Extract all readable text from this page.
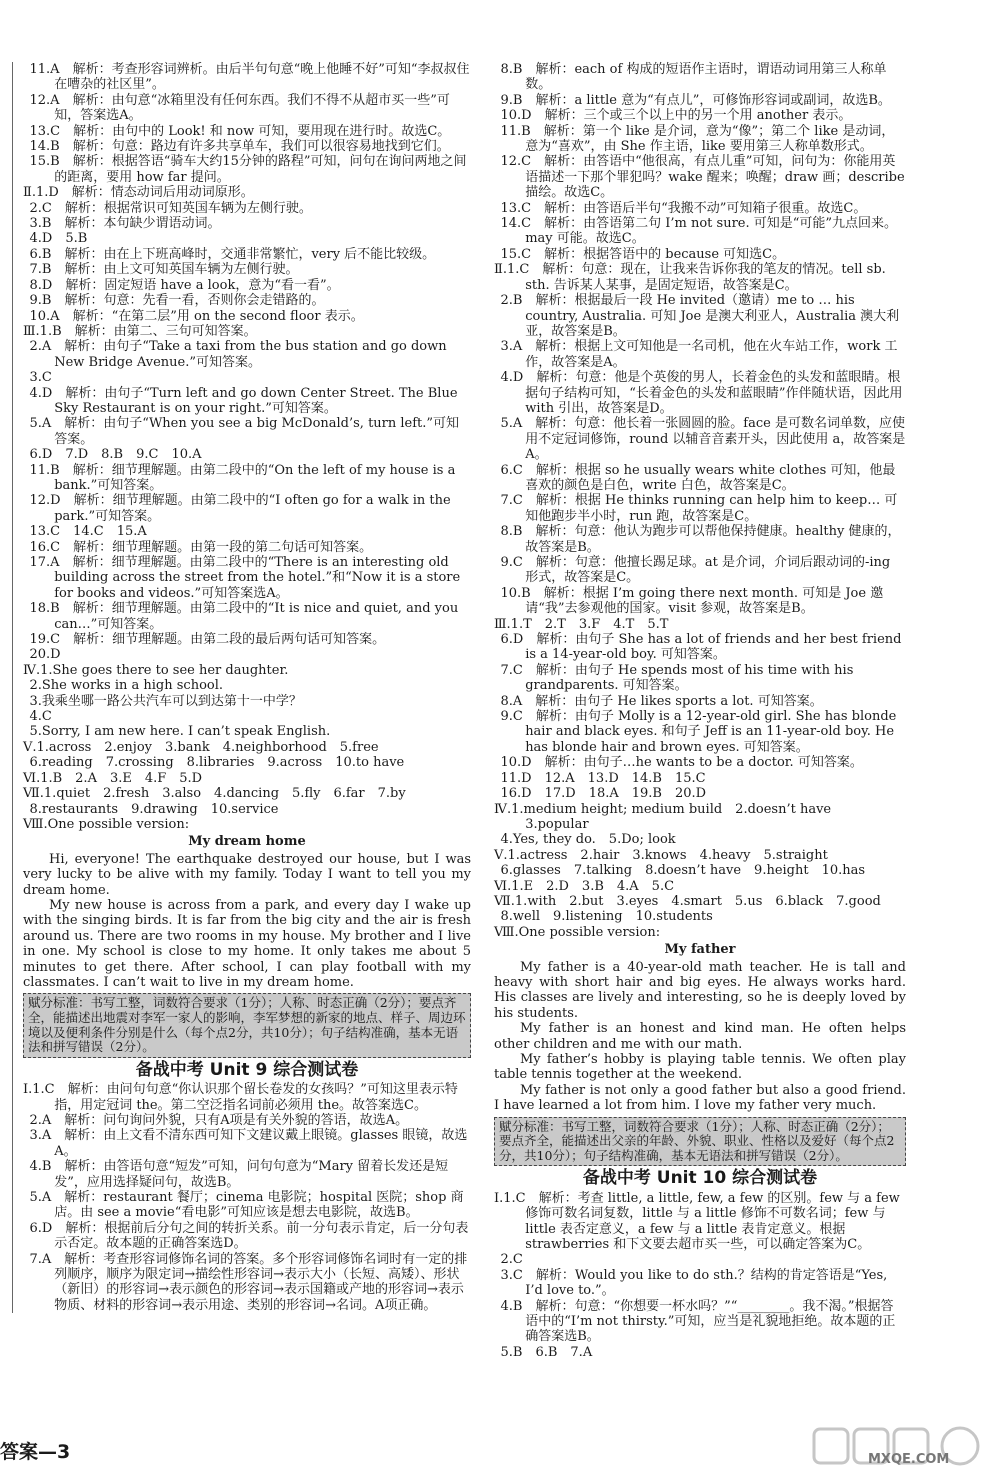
11.A　解析：考查形容词辨析。由后半句句意“晚上他睡不好”可知“李叔叔住在嘈杂的社区里”。
12.A　解析：由句意“冰箱里没有任何东西。我们不得不从超市买一些”可知，答案选A。
13.C　解析：由句中的 Look! 和 now 可知，要用现在进行时。故选C。
14.B　解析：句意：路边有许多共享单车，我们可以很容易地找到它们。
15.B　解析：根据答语“骑车大约15分钟的路程”可知，问句在询问两地之间的距离，要用 how far 提问。
Ⅱ.1.D　解析：情态动词后用动词原形。
2.C　解析：根据常识可知英国车辆为左侧行驶。
3.B　解析：本句缺少谓语动词。
4.D　5.B
6.B　解析：由在上下班高峰时，交通非常繁忙，very 后不能比较级。
7.B　解析：由上文可知英国车辆为左侧行驶。
8.D　解析：固定短语 have a look，意为“看一看”。
9.B　解析：句意：先看一看，否则你会走错路的。
10.A　解析：“在第二层”用 on the second floor 表示。
Ⅲ.1.B　解析：由第二、三句可知答案。
2.A　解析：由句子“Take a taxi from the bus station and go down New Bridge Avenue.”可知答案。
3.C
4.D　解析：由句子“Turn left and go down Center Street. The Blue Sky Restaurant is on your right.”可知答案。
5.A　解析：由句子“When you see a big McDonald’s, turn left.”可知答案。
6.D　7.D　8.B　9.C　10.A
11.B　解析：细节理解题。由第二段中的“On the left of my house is a bank.”可知答案。
12.D　解析：细节理解题。由第二段中的“I often go for a walk in the park.”可知答案。
13.C　14.C　15.A
16.C　解析：细节理解题。由第一段的第二句话可知答案。
17.A　解析：细节理解题。由第二段中的“There is an interesting old building across the street from the hotel.”和“Now it is a store for books and videos.”可知答案选A。
18.B　解析：细节理解题。由第二段中的“It is nice and quiet, and you can…”可知答案。
19.C　解析：细节理解题。由第二段的最后两句话可知答案。
20.D
Ⅳ.1.She goes there to see her daughter.
2.She works in a high school.
3.我乘坐哪一路公共汽车可以到达第十一中学？
4.C
5.Sorry, I am new here. I can’t speak English.
Ⅴ.1.across　2.enjoy　3.bank　4.neighborhood　5.free
6.reading　7.crossing　8.libraries　9.across　10.to have
Ⅵ.1.B　2.A　3.E　4.F　5.D
Ⅶ.1.quiet　2.fresh　3.also　4.dancing　5.fly　6.far　7.by
8.restaurants　9.drawing　10.service
Ⅷ.One possible version:
My dream home
Hi, everyone! The earthquake destroyed our house, but I was very lucky to be alive with my family. Today I want to tell you my dream home.
My new house is across from a park, and every day I wake up with the singing birds. It is far from the big city and the air is fresh around us. There are two rooms in my house. My brother and I live in one. My school is close to my home. It only takes me about 5 minutes to get there. After school, I can play football with my classmates. I can’t wait to live in my dream home.
赋分标准：书写工整，词数符合要求（1分）；人称、时态正确（2分）；要点齐全，能描述出地震对李军一家人的影响，李军梦想的新家的地点、样子、周边环境以及便利条件分别是什么（每个点2分，共10分）；句子结构准确，基本无语法和拼写错误（2分）。
备战中考 Unit 9 综合测试卷
Ⅰ.1.C　解析：由问句句意“你认识那个留长卷发的女孩吗？”可知这里表示特指，用定冠词 the。第二空泛指名词前必须用 the。故答案选C。
2.A　解析：问句询问外貌，只有A项是有关外貌的答语，故选A。
3.A　解析：由上文看不清东西可知下文建议戴上眼镜。glasses 眼镜，故选A。
4.B　解析：由答语句意“短发”可知，问句句意为“Mary 留着长发还是短发”，应用选择疑问句，故选B。
5.A　解析：restaurant 餐厅；cinema 电影院；hospital 医院；shop 商店。由 see a movie“看电影”可知应该是想去电影院，故选B。
6.D　解析：根据前后分句之间的转折关系。前一分句表示肯定，后一分句表示否定。故本题的正确答案选D。
7.A　解析：考查形容词修饰名词的答案。多个形容词修饰名词时有一定的排列顺序，顺序为限定词→描绘性形容词→表示大小（长短、高矮）、形状（新旧）的形容词→表示颜色的形容词→表示国籍或产地的形容词→表示物质、材料的形容词→表示用途、类别的形容词→名词。A项正确。
8.B　解析：each of 构成的短语作主语时，谓语动词用第三人称单数。
9.B　解析：a little 意为“有点儿”，可修饰形容词或副词，故选B。
10.D　解析：三个或三个以上中的另一个用 another 表示。
11.B　解析：第一个 like 是介词，意为“像”；第二个 like 是动词，意为“喜欢”，由 She 作主语，like 要用第三人称单数形式。
12.C　解析：由答语中“他很高，有点儿重”可知，问句为：你能用英语描述一下那个罪犯吗？wake 醒来；唤醒；draw 画；describe 描绘。故选C。
13.C　解析：由答语后半句“我搬不动”可知箱子很重。故选C。
14.C　解析：由答语第二句 I’m not sure. 可知是“可能”九点回来。may 可能。故选C。
15.C　解析：根据答语中的 because 可知选C。
Ⅱ.1.C　解析：句意：现在，让我来告诉你我的笔友的情况。tell sb. sth. 告诉某人某事，是固定短语，故答案是C。
2.B　解析：根据最后一段 He invited（邀请）me to … his country, Australia. 可知 Joe 是澳大利亚人，Australia 澳大利亚，故答案是B。
3.A　解析：根据上文可知他是一名司机，他在火车站工作，work 工作，故答案是A。
4.D　解析：句意：他是个英俊的男人，长着金色的头发和蓝眼睛。根据句子结构可知，“长着金色的头发和蓝眼睛”作伴随状语，因此用 with 引出，故答案是D。
5.A　解析：句意：他长着一张圆圆的脸。face 是可数名词单数，应使用不定冠词修饰，round 以辅音音素开头，因此使用 a，故答案是A。
6.C　解析：根据 so he usually wears white clothes 可知，他最喜欢的颜色是白色，write 白色，故答案是C。
7.C　解析：根据 He thinks running can help him to keep… 可知他跑步半小时，run 跑，故答案是C。
8.B　解析：句意：他认为跑步可以帮他保持健康。healthy 健康的，故答案是B。
9.C　解析：句意：他擅长踢足球。at 是介词，介词后跟动词的-ing 形式，故答案是C。
10.B　解析：根据 I’m going there next month. 可知是 Joe 邀请“我”去参观他的国家。visit 参观，故答案是B。
Ⅲ.1.T　2.T　3.F　4.T　5.T
6.D　解析：由句子 She has a lot of friends and her best friend is a 14-year-old boy. 可知答案。
7.C　解析：由句子 He spends most of his time with his grandparents. 可知答案。
8.A　解析：由句子 He likes sports a lot. 可知答案。
9.C　解析：由句子 Molly is a 12-year-old girl. She has blonde hair and black eyes. 和句子 Jeff is an 11-year-old boy. He has blonde hair and brown eyes. 可知答案。
10.D　解析：由句子…he wants to be a doctor. 可知答案。
11.D　12.A　13.D　14.B　15.C
16.D　17.D　18.A　19.B　20.D
Ⅳ.1.medium height; medium build　2.doesn’t have　3.popular
4.Yes, they do.　5.Do; look
Ⅴ.1.actress　2.hair　3.knows　4.heavy　5.straight
6.glasses　7.talking　8.doesn’t have　9.height　10.has
Ⅵ.1.E　2.D　3.B　4.A　5.C
Ⅶ.1.with　2.but　3.eyes　4.smart　5.us　6.black　7.good
8.well　9.listening　10.students
Ⅷ.One possible version:
My father
My father is a 40-year-old math teacher. He is tall and heavy with short hair and big eyes. He always works hard. His classes are lively and interesting, so he is deeply loved by his students.
My father is an honest and kind man. He often helps other children and me with our math.
My father’s hobby is playing table tennis. We often play table tennis together at the weekend.
My father is not only a good father but also a good friend. I have learned a lot from him. I love my father very much.
赋分标准：书写工整，词数符合要求（1分）；人称、时态正确（2分）；要点齐全，能描述出父亲的年龄、外貌、职业、性格以及爱好（每个点2分，共10分）；句子结构准确，基本无语法和拼写错误（2分）。
备战中考 Unit 10 综合测试卷
Ⅰ.1.C　解析：考查 little, a little, few, a few 的区别。few 与 a few 修饰可数名词复数，little 与 a little 修饰不可数名词；few 与 little 表否定意义，a few 与 a little 表肯定意义。根据 strawberries 和下文要去超市买一些，可以确定答案为C。
2.C
3.C　解析：Would you like to do sth.？结构的肯定答语是“Yes, I’d love to.”。
4.B　解析：句意：“你想要一杯水吗？”“________。我不渴。”根据答语中的“I’m not thirsty.”可知，应当是礼貌地拒绝。故本题的正确答案选B。
5.B　6.B　7.A
答案—3	MXQE.COM
